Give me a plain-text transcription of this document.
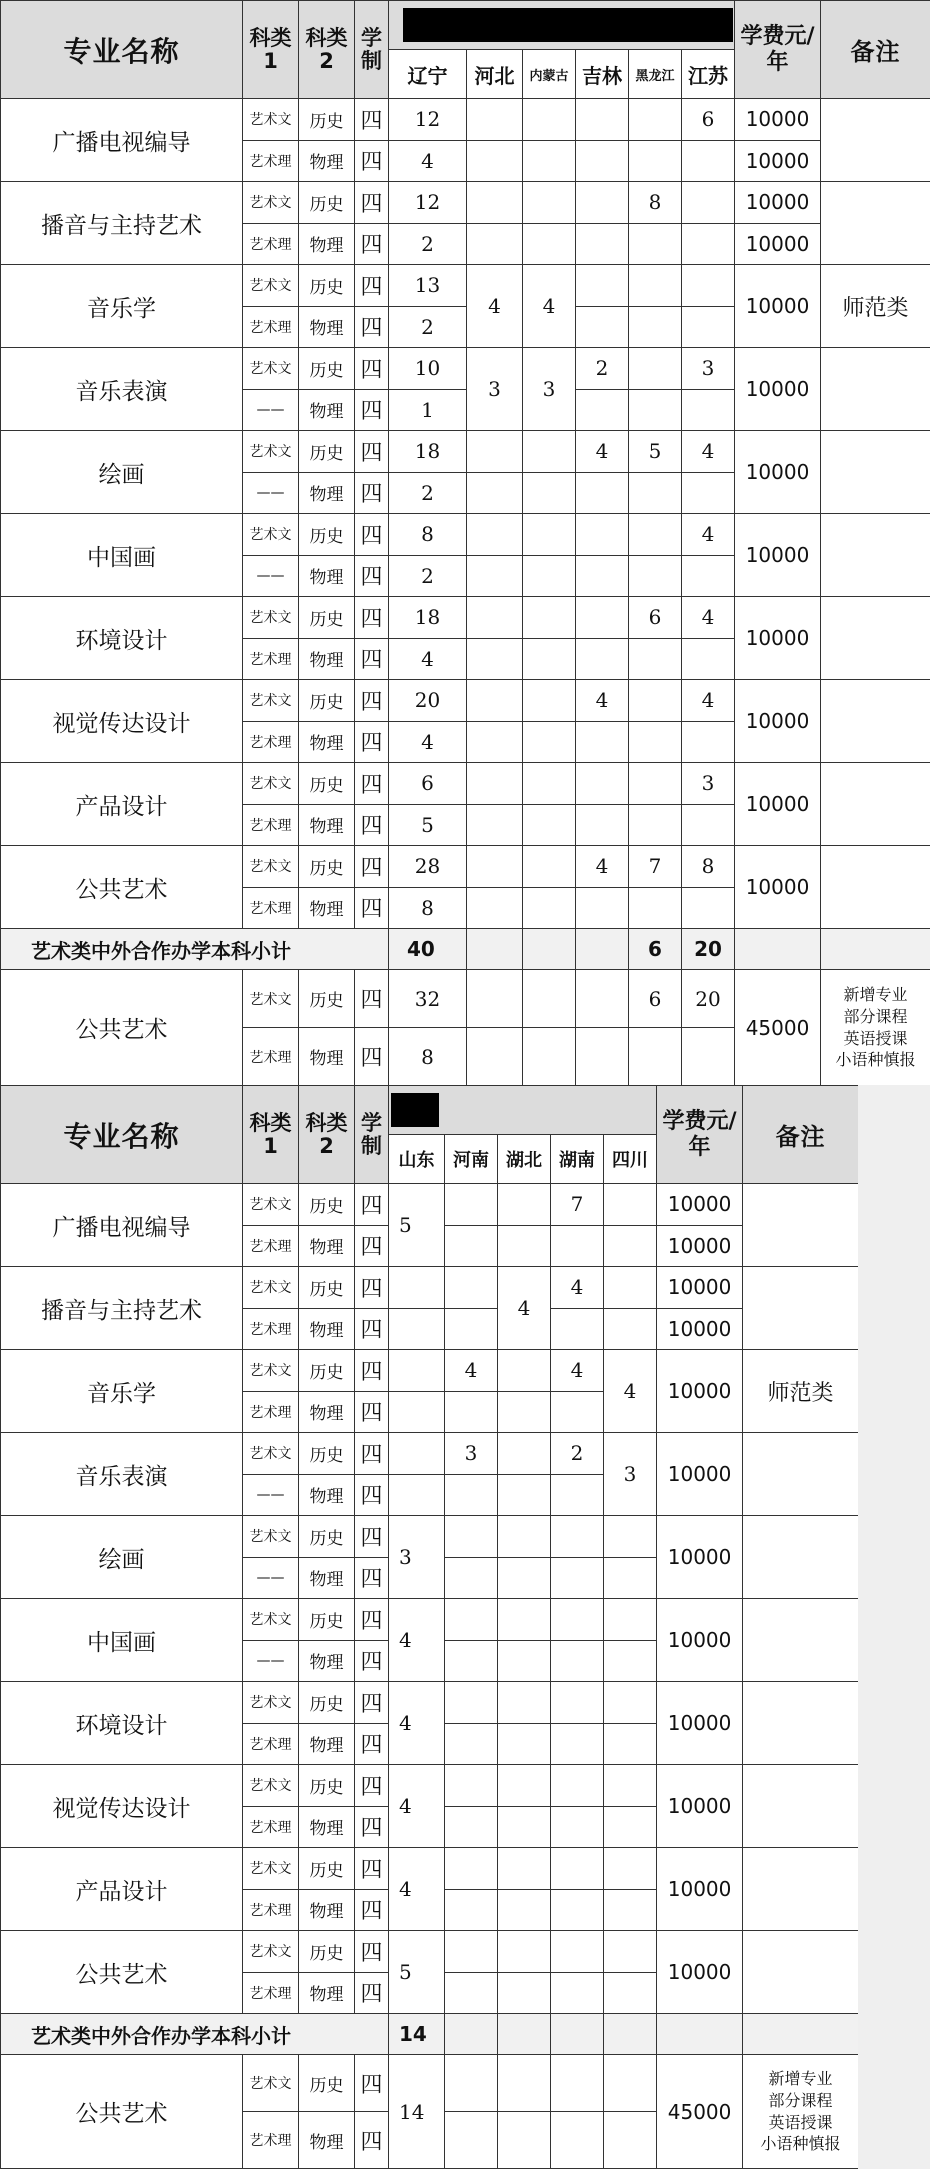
专业名称	科类1	科类2	学制							学费元/年	备注
				辽宁	河北	内蒙古	吉林	黑龙江	江苏		
广播电视编导	艺术文	历史	四	12					6	10000	
	艺术理	物理	四	4						10000	
播音与主持艺术	艺术文	历史	四	12				8		10000	
	艺术理	物理	四	2						10000	
音乐学	艺术文	历史	四	13	4	4				10000	师范类
	艺术理	物理	四	2							
音乐表演	艺术文	历史	四	10	3	3	2		3	10000	
	——	物理	四	1							
绘画	艺术文	历史	四	18			4	5	4	10000	
	——	物理	四	2							
中国画	艺术文	历史	四	8					4	10000	
	——	物理	四	2							
环境设计	艺术文	历史	四	18				6	4	10000	
	艺术理	物理	四	4							
视觉传达设计	艺术文	历史	四	20			4		4	10000	
	艺术理	物理	四	4							
产品设计	艺术文	历史	四	6					3	10000	
	艺术理	物理	四	5							
公共艺术	艺术文	历史	四	28			4	7	8	10000	
	艺术理	物理	四	8							
艺术类中外合作办学本科小计				40				6	20		
公共艺术	艺术文	历史	四	32				6	20	45000	新增专业
部分课程
英语授课
小语种慎报

	艺术理	物理	四	8							
专业名称	科类1	科类2	学制						学费元/年	备注
				山东	河南	湖北	湖南	四川		
广播电视编导	艺术文	历史	四	5			7		10000	
	艺术理	物理	四						10000	
播音与主持艺术	艺术文	历史	四			4	4		10000	
	艺术理	物理	四						10000	
音乐学	艺术文	历史	四		4		4	4	10000	师范类
	艺术理	物理	四							
音乐表演	艺术文	历史	四		3		2	3	10000	
	——	物理	四							
绘画	艺术文	历史	四	3					10000	
	——	物理	四							
中国画	艺术文	历史	四	4					10000	
	——	物理	四							
环境设计	艺术文	历史	四	4					10000	
	艺术理	物理	四							
视觉传达设计	艺术文	历史	四	4					10000	
	艺术理	物理	四							
产品设计	艺术文	历史	四	4					10000	
	艺术理	物理	四							
公共艺术	艺术文	历史	四	5					10000	
	艺术理	物理	四							
艺术类中外合作办学本科小计				14						
公共艺术	艺术文	历史	四	14					45000	新增专业
部分课程
英语授课
小语种慎报

	艺术理	物理	四							
